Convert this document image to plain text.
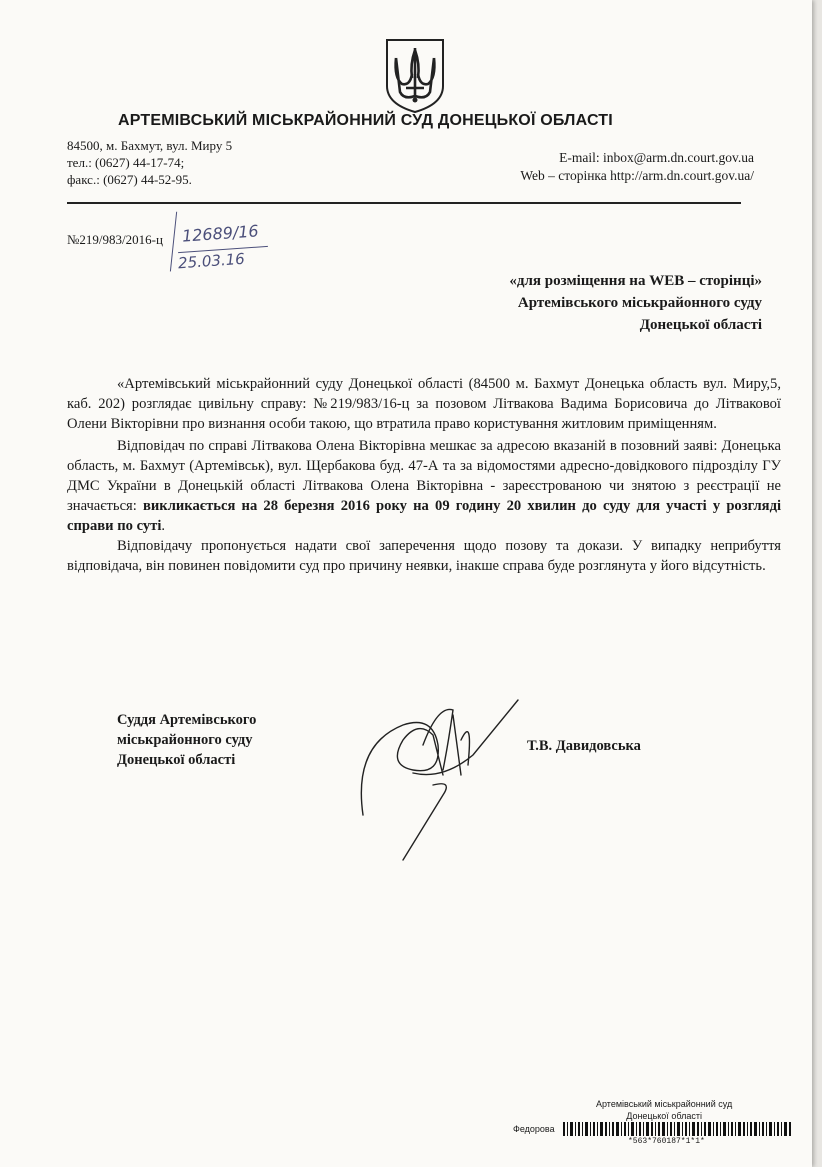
АРТЕМІВСЬКИЙ МІСЬКРАЙОННИЙ СУД ДОНЕЦЬКОЇ ОБЛАСТІ
84500, м. Бахмут, вул. Миру 5
тел.: (0627) 44-17-74;
факс.: (0627) 44-52-95.
E-mail: inbox@arm.dn.court.gov.ua
Web – сторінка http://arm.dn.court.gov.ua/
№219/983/2016-ц 12689/16
25.03.16
«для розміщення на WEB – сторінці»
Артемівського міськрайонного суду
Донецької області

«Артемівський міськрайонний суду Донецької області (84500 м. Бахмут Донецька область вул. Миру,5, каб. 202) розглядає цивільну справу: №219/983/16-ц за позовом Літвакова Вадима Борисовича до Літвакової Олени Вікторівни про визнання особи такою, що втратила право користування житловим приміщенням.

Відповідач по справі Літвакова Олена Вікторівна мешкає за адресою вказаній в позовний заяві: Донецька область, м. Бахмут (Артемівськ), вул. Щербакова буд. 47-А та за відомостями адресно-довідкового підрозділу ГУ ДМС України в Донецькій області Літвакова Олена Вікторівна - зареєстрованою чи знятою з реєстрації не значається: викликається на 28 березня 2016 року на 09 годину 20 хвилин до суду для участі у розгляді справи по суті.

Відповідачу пропонується надати свої заперечення щодо позову та докази. У випадку неприбуття відповідача, він повинен повідомити суд про причину неявки, інакше справа буде розглянута у його відсутність.

Суддя Артемівського
міськрайонного суду
Донецької області
Т.В. Давидовська
Артемівський міськрайонний суд
Донецької області
Федорова
*563*760187*1*1*
